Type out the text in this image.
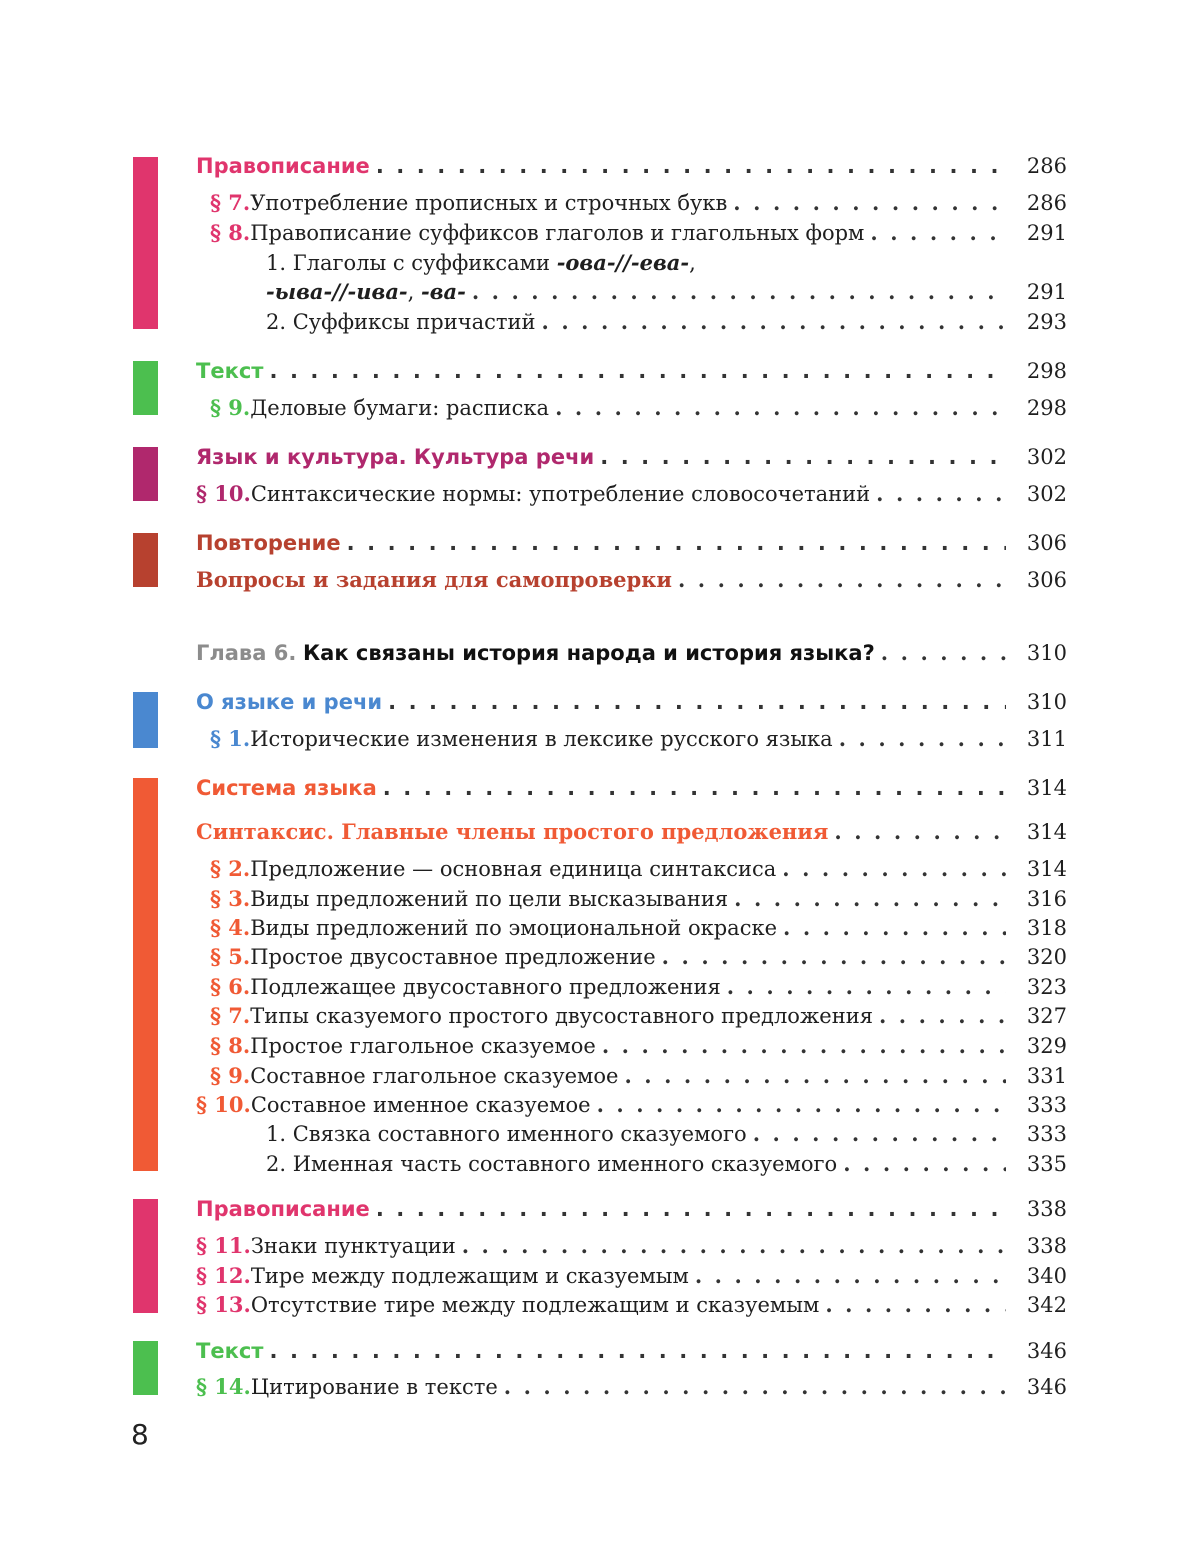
Правописание . . .	286
§ 7. Употребление прописных и строчных букв . . .	286
§ 8. Правописание суффиксов глаголов и глагольных форм . . .	291
1. Глаголы с суффиксами -ова-//-ева-,
-ыва-//-ива-, -ва- . . .	291
2. Суффиксы причастий . . .	293
Текст . . .	298
§ 9. Деловые бумаги: расписка . . .	298
Язык и культура. Культура речи . . .	302
§ 10. Синтаксические нормы: употребление словосочетаний . . .	302
Повторение . . .	306
Вопросы и задания для самопроверки . . .	306
Глава 6. Как связаны история народа и история языка? . . .	310
О языке и речи . . .	310
§ 1. Исторические изменения в лексике русского языка . . .	311
Система языка . . .	314
Синтаксис. Главные члены простого предложения . . .	314
§ 2. Предложение — основная единица синтаксиса . . .	314
§ 3. Виды предложений по цели высказывания . . .	316
§ 4. Виды предложений по эмоциональной окраске . . .	318
§ 5. Простое двусоставное предложение . . .	320
§ 6. Подлежащее двусоставного предложения . . .	323
§ 7. Типы сказуемого простого двусоставного предложения . . .	327
§ 8. Простое глагольное сказуемое . . .	329
§ 9. Составное глагольное сказуемое . . .	331
§ 10. Составное именное сказуемое . . .	333
1. Связка составного именного сказуемого . . .	333
2. Именная часть составного именного сказуемого . . .	335
Правописание . . .	338
§ 11. Знаки пунктуации . . .	338
§ 12. Тире между подлежащим и сказуемым . . .	340
§ 13. Отсутствие тире между подлежащим и сказуемым . . .	342
Текст . . .	346
§ 14. Цитирование в тексте . . .	346
8
